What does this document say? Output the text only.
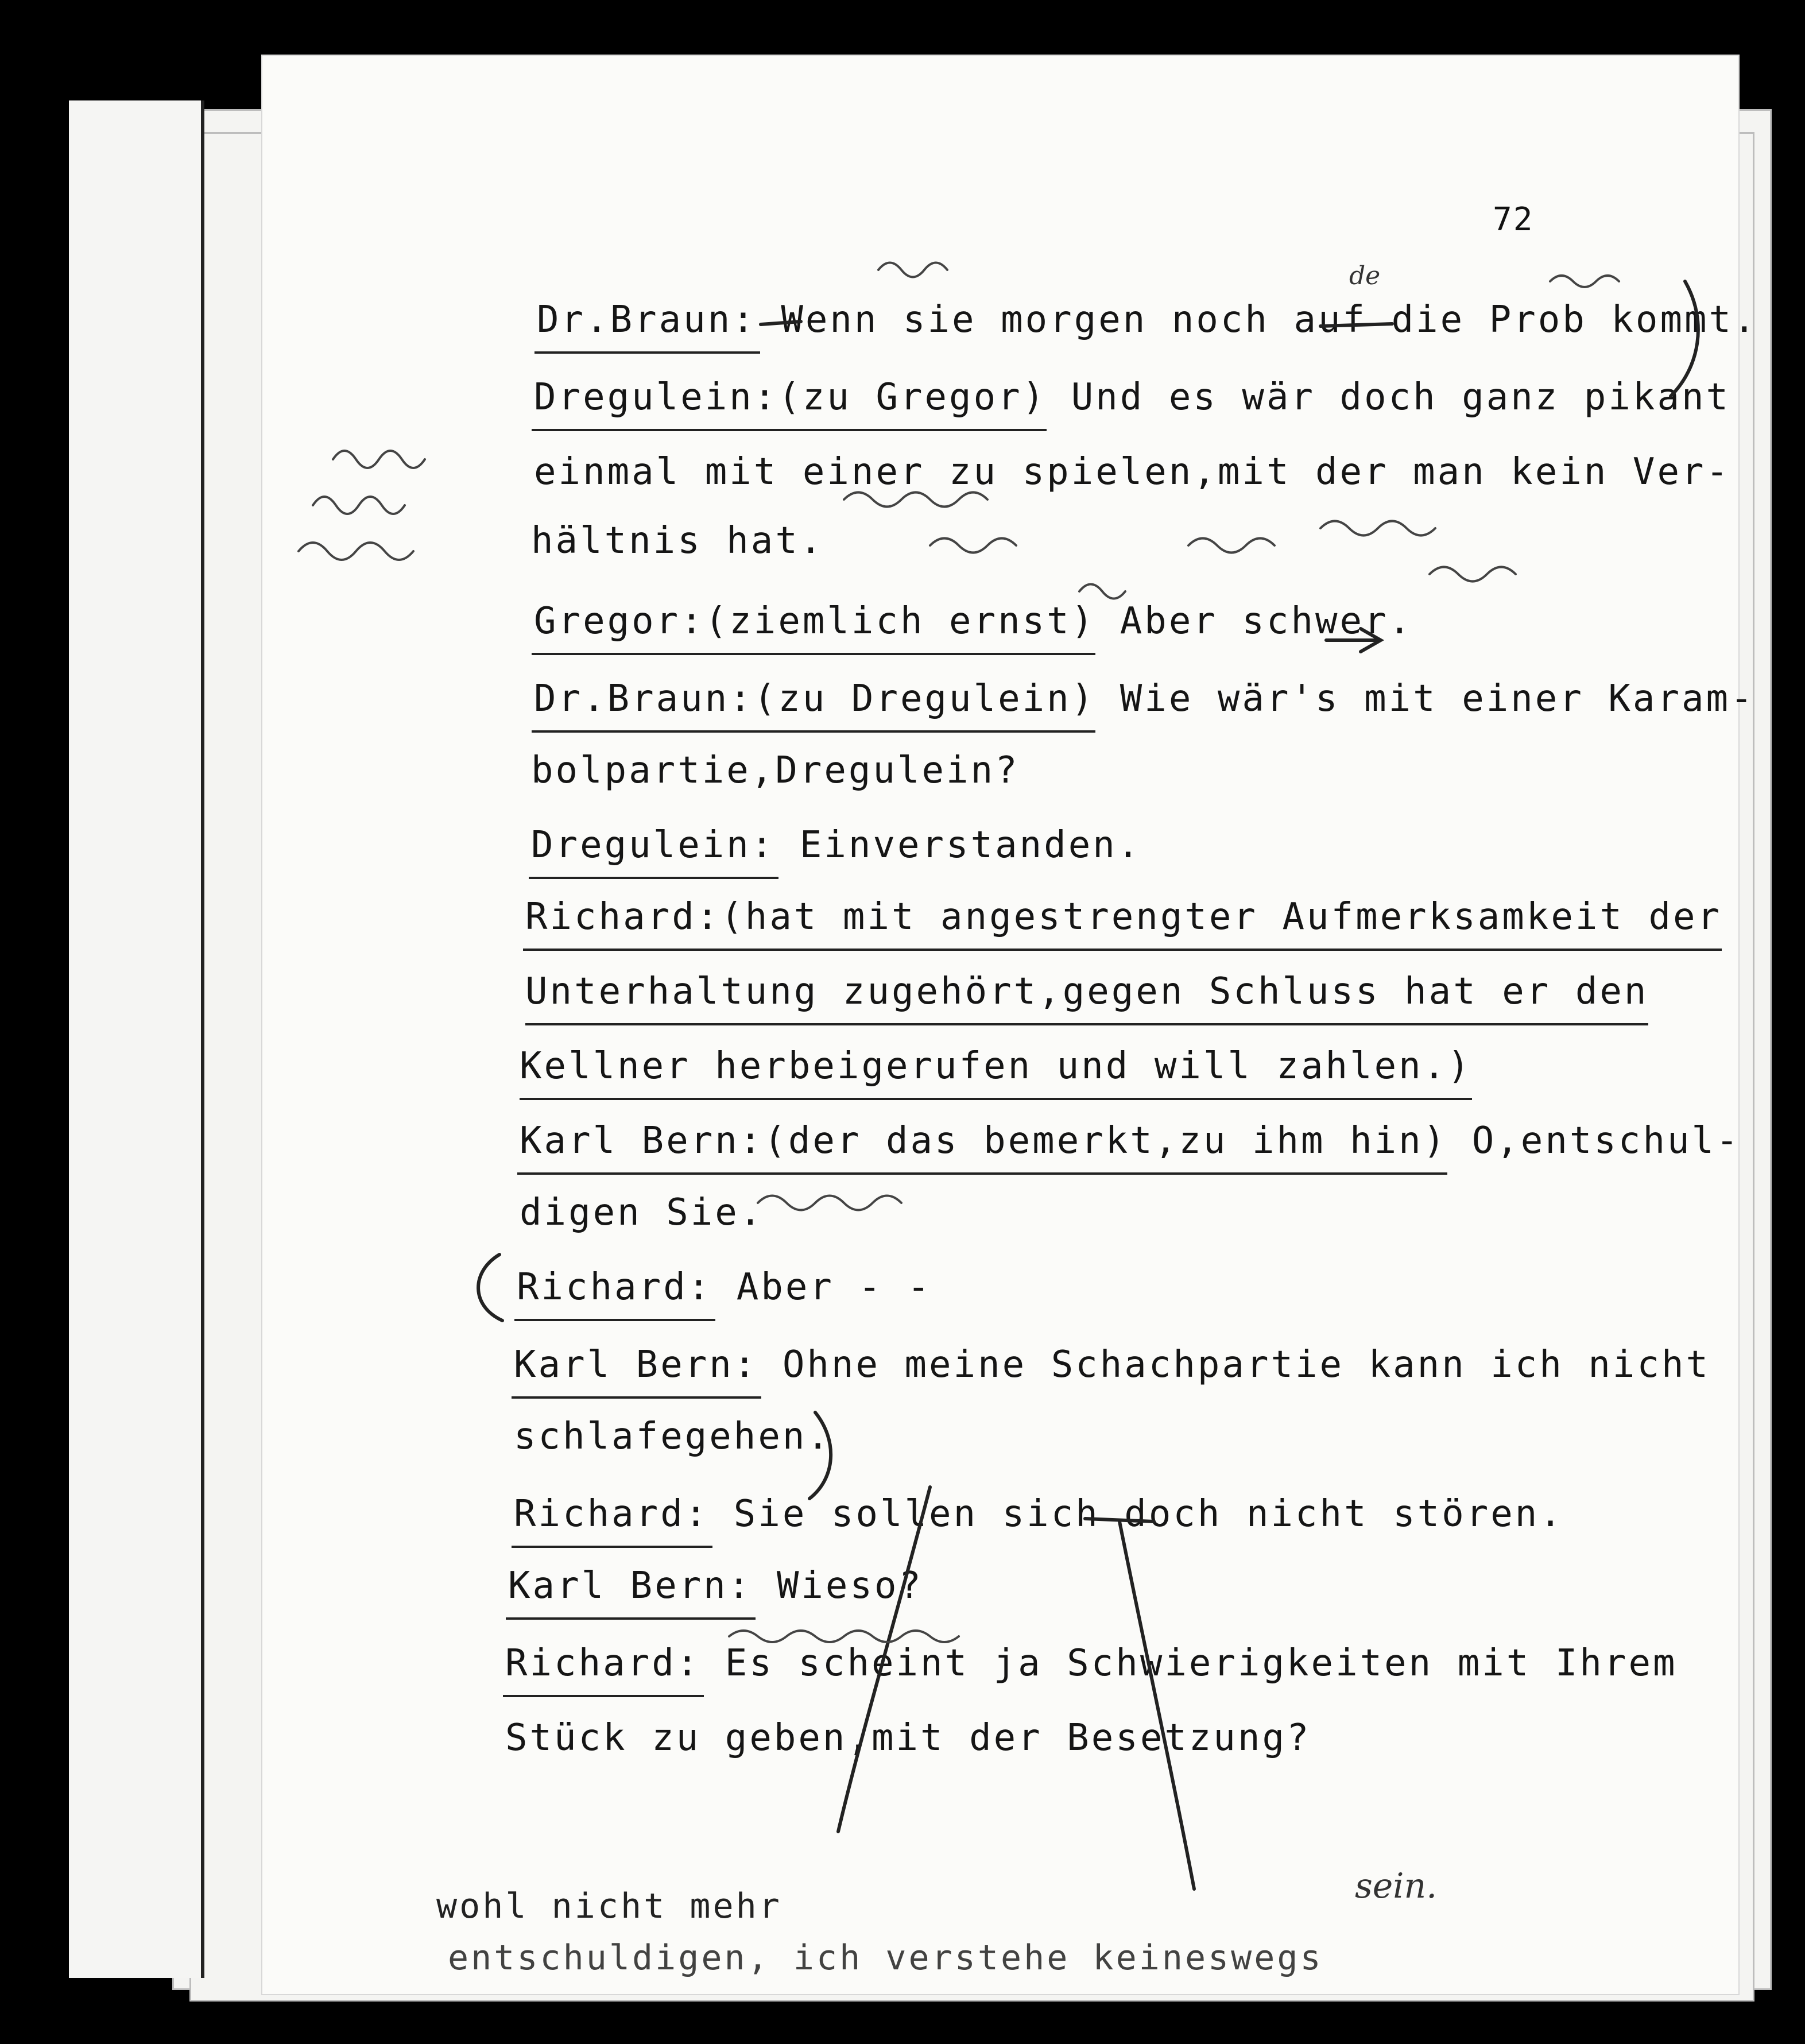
72
Dr.Braun: Wenn sie morgen noch auf die Prob kommt.
Dregulein:(zu Gregor) Und es wär doch ganz pikant
einmal mit einer zu spielen,mit der man kein Ver-
hältnis hat.
Gregor:(ziemlich ernst) Aber schwer.
Dr.Braun:(zu Dregulein) Wie wär's mit einer Karam-
bolpartie,Dregulein?
Dregulein: Einverstanden.
Richard:(hat mit angestrengter Aufmerksamkeit der
Unterhaltung zugehört,gegen Schluss hat er den
Kellner herbeigerufen und will zahlen.)
Karl Bern:(der das bemerkt,zu ihm hin) O,entschul-
digen Sie.
Richard: Aber - -
Karl Bern: Ohne meine Schachpartie kann ich nicht
schlafegehen.
Richard: Sie sollen sich doch nicht stören.
Karl Bern: Wieso?
Richard: Es scheint ja Schwierigkeiten mit Ihrem
Stück zu geben,mit der Besetzung?
wohl nicht mehr
entschuldigen, ich verstehe keineswegs
de
sein.
